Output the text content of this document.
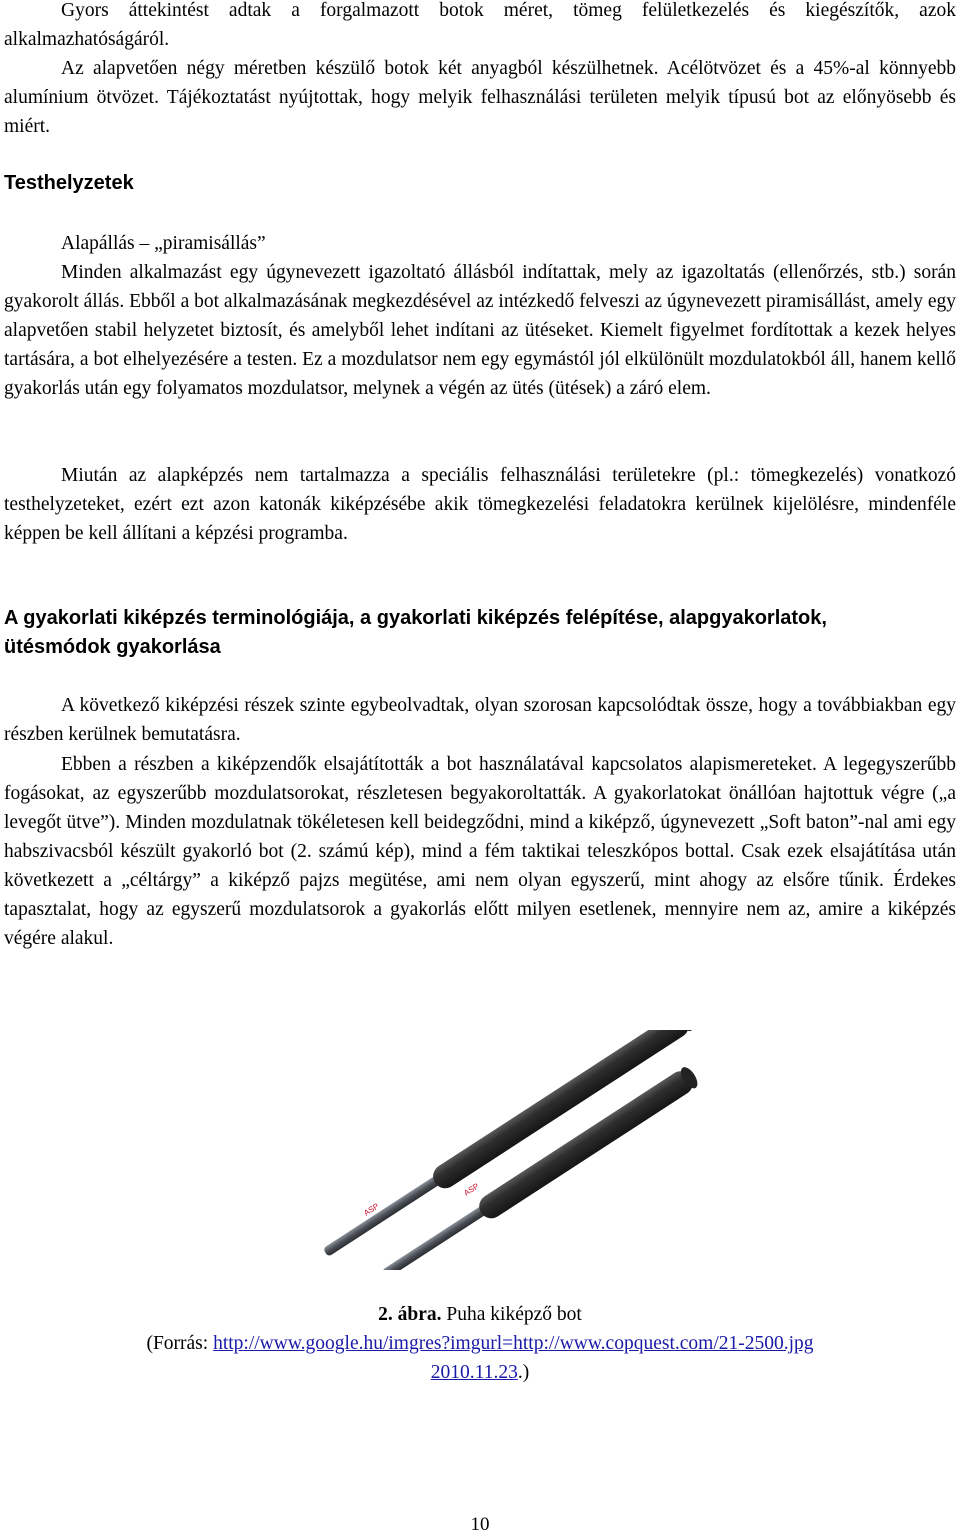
Gyors áttekintést adtak a forgalmazott botok méret, tömeg felületkezelés és kiegészítők, azok alkalmazhatóságáról.

Az alapvetően négy méretben készülő botok két anyagból készülhetnek. Acélötvözet és a 45%-al könnyebb alumínium ötvözet. Tájékoztatást nyújtottak, hogy melyik felhasználási területen melyik típusú bot az előnyösebb és miért.

Testhelyzetek

Alapállás – „piramisállás”

Minden alkalmazást egy úgynevezett igazoltató állásból indítattak, mely az igazoltatás (ellenőrzés, stb.) során gyakorolt állás. Ebből a bot alkalmazásának megkezdésével az intézkedő felveszi az úgynevezett piramisállást, amely egy alapvetően stabil helyzetet biztosít, és amelyből lehet indítani az ütéseket. Kiemelt figyelmet fordítottak a kezek helyes tartására, a bot elhelyezésére a testen. Ez a mozdulatsor nem egy egymástól jól elkülönült mozdulatokból áll, hanem kellő gyakorlás után egy folyamatos mozdulatsor, melynek a végén az ütés (ütések) a záró elem.

Miután az alapképzés nem tartalmazza a speciális felhasználási területekre (pl.: tömegkezelés) vonatkozó testhelyzeteket, ezért ezt azon katonák kiképzésébe akik tömegkezelési feladatokra kerülnek kijelölésre, mindenféle képpen be kell állítani a képzési programba.

A gyakorlati kiképzés terminológiája, a gyakorlati kiképzés felépítése, alapgyakorlatok, ütésmódok gyakorlása

A következő kiképzési részek szinte egybeolvadtak, olyan szorosan kapcsolódtak össze, hogy a továbbiakban egy részben kerülnek bemutatásra.

Ebben a részben a kiképzendők elsajátították a bot használatával kapcsolatos alapismereteket. A legegyszerűbb fogásokat, az egyszerűbb mozdulatsorokat, részletesen begyakoroltatták. A gyakorlatokat önállóan hajtottuk végre („a levegőt ütve”). Minden mozdulatnak tökéletesen kell beidegződni, mind a kiképző, úgynevezett „Soft baton”-nal ami egy habszivacsból készült gyakorló bot (2. számú kép), mind a fém taktikai teleszkópos bottal. Csak ezek elsajátítása után következett a „céltárgy” a kiképző pajzs megütése, ami nem olyan egyszerű, mint ahogy az elsőre tűnik. Érdekes tapasztalat, hogy az egyszerű mozdulatsorok a gyakorlás előtt milyen esetlenek, mennyire nem az, amire a kiképzés végére alakul.

ASP
ASP
2. ábra. Puha kiképző bot
(Forrás: http://www.google.hu/imgres?imgurl=http://www.copquest.com/21-2500.jpg
2010.11.23.)
10
